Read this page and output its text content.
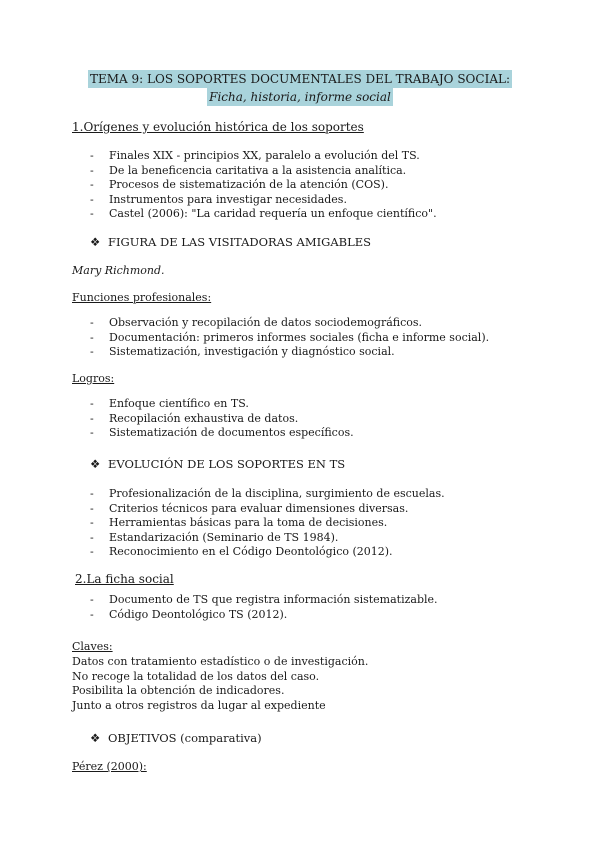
TEMA 9: LOS SOPORTES DOCUMENTALES DEL TRABAJO SOCIAL:
Ficha, historia, informe social
1.Orígenes y evolución histórica de los soportes
- Finales XIX - principios XX, paralelo a evolución del TS.
- De la beneficencia caritativa a la asistencia analítica.
- Procesos de sistematización de la atención (COS).
- Instrumentos para investigar necesidades.
- Castel (2006): "La caridad requería un enfoque científico".
❖ FIGURA DE LAS VISITADORAS AMIGABLES
Mary Richmond.
Funciones profesionales:
- Observación y recopilación de datos sociodemográficos.
- Documentación: primeros informes sociales (ficha e informe social).
- Sistematización, investigación y diagnóstico social.
Logros:
- Enfoque científico en TS.
- Recopilación exhaustiva de datos.
- Sistematización de documentos específicos.
❖ EVOLUCIÓN DE LOS SOPORTES EN TS
- Profesionalización de la disciplina, surgimiento de escuelas.
- Criterios técnicos para evaluar dimensiones diversas.
- Herramientas básicas para la toma de decisiones.
- Estandarización (Seminario de TS 1984).
- Reconocimiento en el Código Deontológico (2012).
2.La ficha social
- Documento de TS que registra información sistematizable.
- Código Deontológico TS (2012).
Claves:
Datos con tratamiento estadístico o de investigación.
No recoge la totalidad de los datos del caso.
Posibilita la obtención de indicadores.
Junto a otros registros da lugar al expediente
❖ OBJETIVOS (comparativa)
Pérez (2000):
